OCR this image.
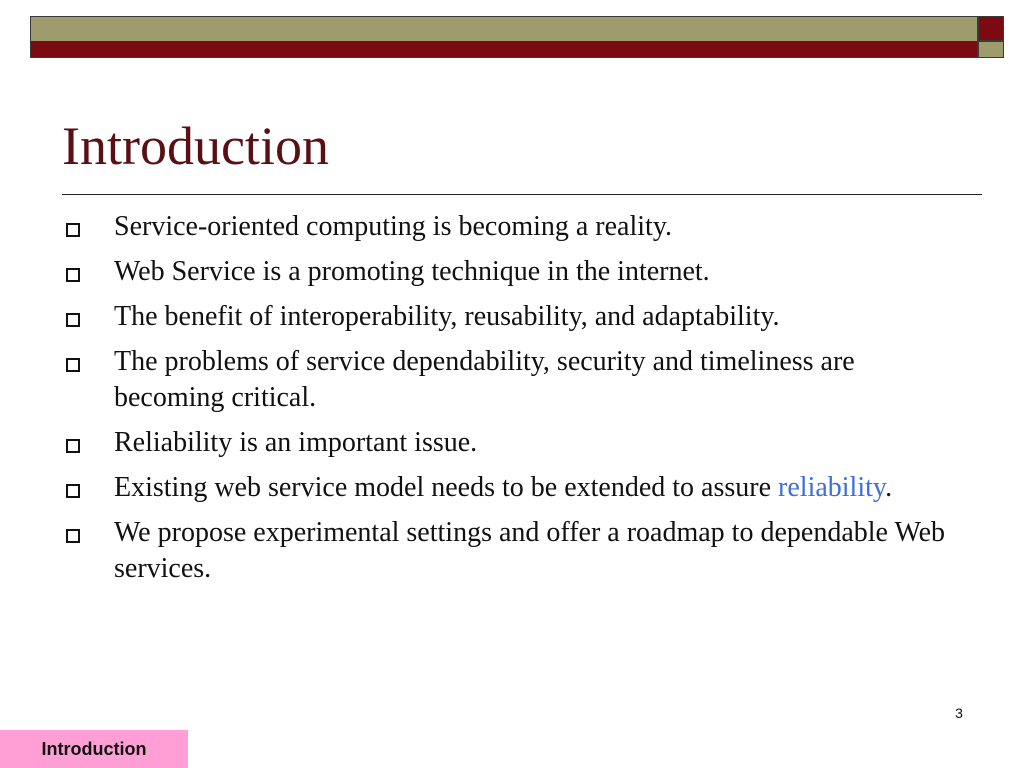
Introduction
Service-oriented computing is becoming a reality.
Web Service is a promoting technique in the internet.
The benefit of interoperability, reusability, and adaptability.
The problems of service dependability, security and timeliness are becoming critical.
Reliability is an important issue.
Existing web service model needs to be extended to assure reliability.
We propose experimental settings and offer a roadmap to dependable Web services.
3
Introduction
